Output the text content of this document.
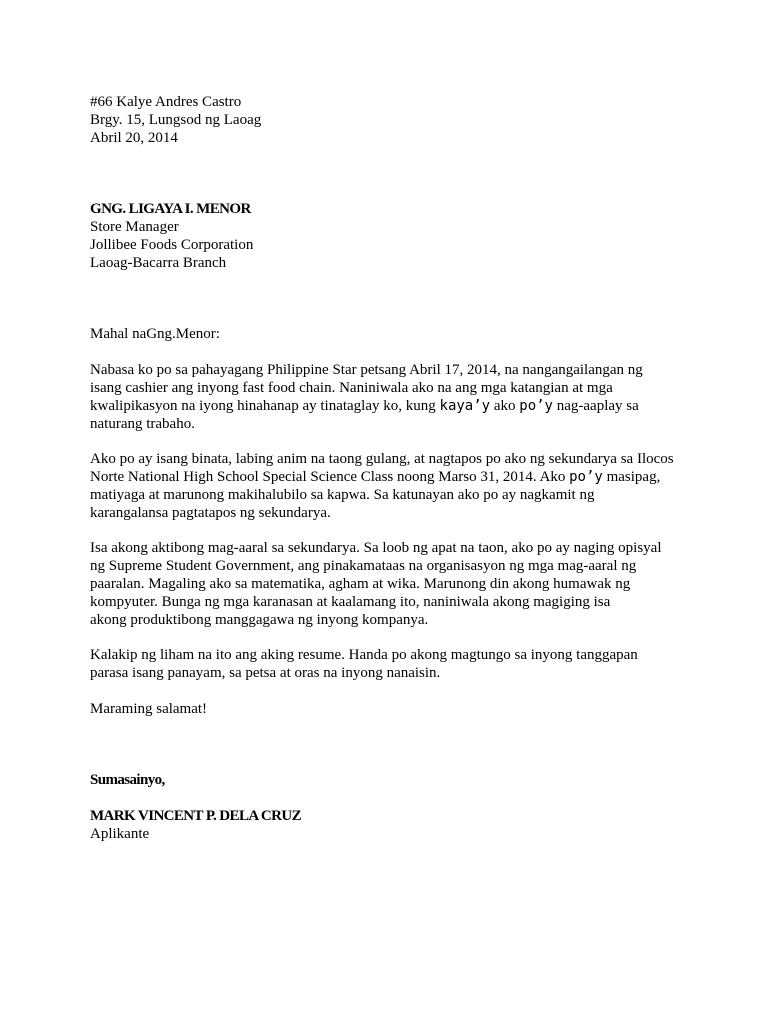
#66 Kalye Andres Castro
Brgy. 15, Lungsod ng Laoag
Abril 20, 2014
GNG. LIGAYA I. MENOR
Store Manager
Jollibee Foods Corporation
Laoag-Bacarra Branch
Mahal naGng.Menor:
Nabasa ko po sa pahayagang Philippine Star petsang Abril 17, 2014, na nangangailangan ng
isang cashier ang inyong fast food chain. Naniniwala ako na ang mga katangian at mga
kwalipikasyon na iyong hinahanap ay tinataglay ko, kung kaya’y ako po’y nag-aaplay sa
naturang trabaho.
Ako po ay isang binata, labing anim na taong gulang, at nagtapos po ako ng sekundarya sa Ilocos
Norte National High School Special Science Class noong Marso 31, 2014. Ako po’y masipag,
matiyaga at marunong makihalubilo sa kapwa. Sa katunayan ako po ay nagkamit ng
karangalansa pagtatapos ng sekundarya.
Isa akong aktibong mag-aaral sa sekundarya. Sa loob ng apat na taon, ako po ay naging opisyal
ng Supreme Student Government, ang pinakamataas na organisasyon ng mga mag-aaral ng
paaralan. Magaling ako sa matematika, agham at wika. Marunong din akong humawak ng
kompyuter. Bunga ng mga karanasan at kaalamang ito, naniniwala akong magiging isa
akong produktibong manggagawa ng inyong kompanya.
Kalakip ng liham na ito ang aking resume. Handa po akong magtungo sa inyong tanggapan
parasa isang panayam, sa petsa at oras na inyong nanaisin.
Maraming salamat!
Sumasainyo,
MARK VINCENT P. DELA CRUZ
Aplikante
